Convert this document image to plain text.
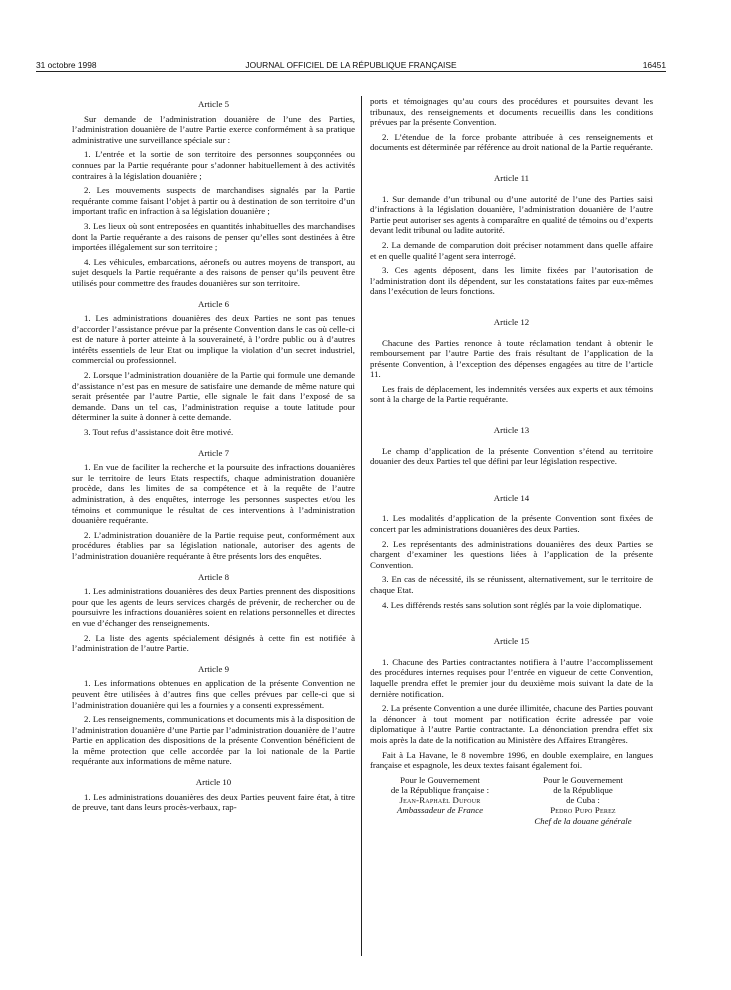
31 octobre 1998	JOURNAL OFFICIEL DE LA RÉPUBLIQUE FRANÇAISE	16451
Article 5

Sur demande de l’administration douanière de l’une des Parties, l’administration douanière de l’autre Partie exerce conformément à sa pratique administrative une surveillance spéciale sur :

1. L’entrée et la sortie de son territoire des personnes soupçonnées ou connues par la Partie requérante pour s’adonner habituellement à des activités contraires à la législation douanière ;

2. Les mouvements suspects de marchandises signalés par la Partie requérante comme faisant l’objet à partir ou à destination de son territoire d’un important trafic en infraction à sa législation douanière ;

3. Les lieux où sont entreposées en quantités inhabituelles des marchandises dont la Partie requérante a des raisons de penser qu’elles sont destinées à être importées illégalement sur son territoire ;

4. Les véhicules, embarcations, aéronefs ou autres moyens de transport, au sujet desquels la Partie requérante a des raisons de penser qu’ils peuvent être utilisés pour commettre des fraudes douanières sur son territoire.

Article 6

1. Les administrations douanières des deux Parties ne sont pas tenues d’accorder l’assistance prévue par la présente Convention dans le cas où celle-ci est de nature à porter atteinte à la souveraineté, à l’ordre public ou à d’autres intérêts essentiels de leur Etat ou implique la violation d’un secret industriel, commercial ou professionnel.

2. Lorsque l’administration douanière de la Partie qui formule une demande d’assistance n’est pas en mesure de satisfaire une demande de même nature qui serait présentée par l’autre Partie, elle signale le fait dans l’exposé de sa demande. Dans un tel cas, l’administration requise a toute latitude pour déterminer la suite à donner à cette demande.

3. Tout refus d’assistance doit être motivé.

Article 7

1. En vue de faciliter la recherche et la poursuite des infractions douanières sur le territoire de leurs Etats respectifs, chaque administration douanière procède, dans les limites de sa compétence et à la requête de l’autre administration, à des enquêtes, interroge les personnes suspectes et/ou les témoins et communique le résultat de ces interventions à l’administration douanière requérante.

2. L’administration douanière de la Partie requise peut, conformément aux procédures établies par sa législation nationale, autoriser des agents de l’administration douanière requérante à être présents lors des enquêtes.

Article 8

1. Les administrations douanières des deux Parties prennent des dispositions pour que les agents de leurs services chargés de prévenir, de rechercher ou de poursuivre les infractions douanières soient en relations personnelles et directes en vue d’échanger des renseignements.

2. La liste des agents spécialement désignés à cette fin est notifiée à l’administration de l’autre Partie.

Article 9

1. Les informations obtenues en application de la présente Convention ne peuvent être utilisées à d’autres fins que celles prévues par celle-ci que si l’administration douanière qui les a fournies y a consenti expressément.

2. Les renseignements, communications et documents mis à la disposition de l’administration douanière d’une Partie par l’administration douanière de l’autre Partie en application des dispositions de la présente Convention bénéficient de la même protection que celle accordée par la loi nationale de la Partie requérante aux informations de même nature.

Article 10

1. Les administrations douanières des deux Parties peuvent faire état, à titre de preuve, tant dans leurs procès-verbaux, rap-

ports et témoignages qu’au cours des procédures et poursuites devant les tribunaux, des renseignements et documents recueillis dans les conditions prévues par la présente Convention.

2. L’étendue de la force probante attribuée à ces renseignements et documents est déterminée par référence au droit national de la Partie requérante.

Article 11

1. Sur demande d’un tribunal ou d’une autorité de l’une des Parties saisi d’infractions à la législation douanière, l’administration douanière de l’autre Partie peut autoriser ses agents à comparaître en qualité de témoins ou d’experts devant ledit tribunal ou ladite autorité.

2. La demande de comparution doit préciser notamment dans quelle affaire et en quelle qualité l’agent sera interrogé.

3. Ces agents déposent, dans les limite fixées par l’autorisation de l’administration dont ils dépendent, sur les constatations faites par eux-mêmes dans l’exécution de leurs fonctions.

Article 12

Chacune des Parties renonce à toute réclamation tendant à obtenir le remboursement par l’autre Partie des frais résultant de l’application de la présente Convention, à l’exception des dépenses engagées au titre de l’article 11.

Les frais de déplacement, les indemnités versées aux experts et aux témoins sont à la charge de la Partie requérante.

Article 13

Le champ d’application de la présente Convention s’étend au territoire douanier des deux Parties tel que défini par leur législation respective.

Article 14

1. Les modalités d’application de la présente Convention sont fixées de concert par les administrations douanières des deux Parties.

2. Les représentants des administrations douanières des deux Parties se chargent d’examiner les questions liées à l’application de la présente Convention.

3. En cas de nécessité, ils se réunissent, alternativement, sur le territoire de chaque Etat.

4. Les différends restés sans solution sont réglés par la voie diplomatique.

Article 15

1. Chacune des Parties contractantes notifiera à l’autre l’accomplissement des procédures internes requises pour l’entrée en vigueur de cette Convention, laquelle prendra effet le premier jour du deuxième mois suivant la date de la dernière notification.

2. La présente Convention a une durée illimitée, chacune des Parties pouvant la dénoncer à tout moment par notification écrite adressée par voie diplomatique à l’autre Partie contractante. La dénonciation prendra effet six mois après la date de la notification au Ministère des Affaires Etrangères.

Fait à La Havane, le 8 novembre 1996, en double exemplaire, en langues française et espagnole, les deux textes faisant également foi.

Pour le Gouvernement
de la République française :
Jean-Raphaël Dufour
Ambassadeur de France
Pour le Gouvernement
de la République
de Cuba :
Pedro Pupo Perez
Chef de la douane générale
